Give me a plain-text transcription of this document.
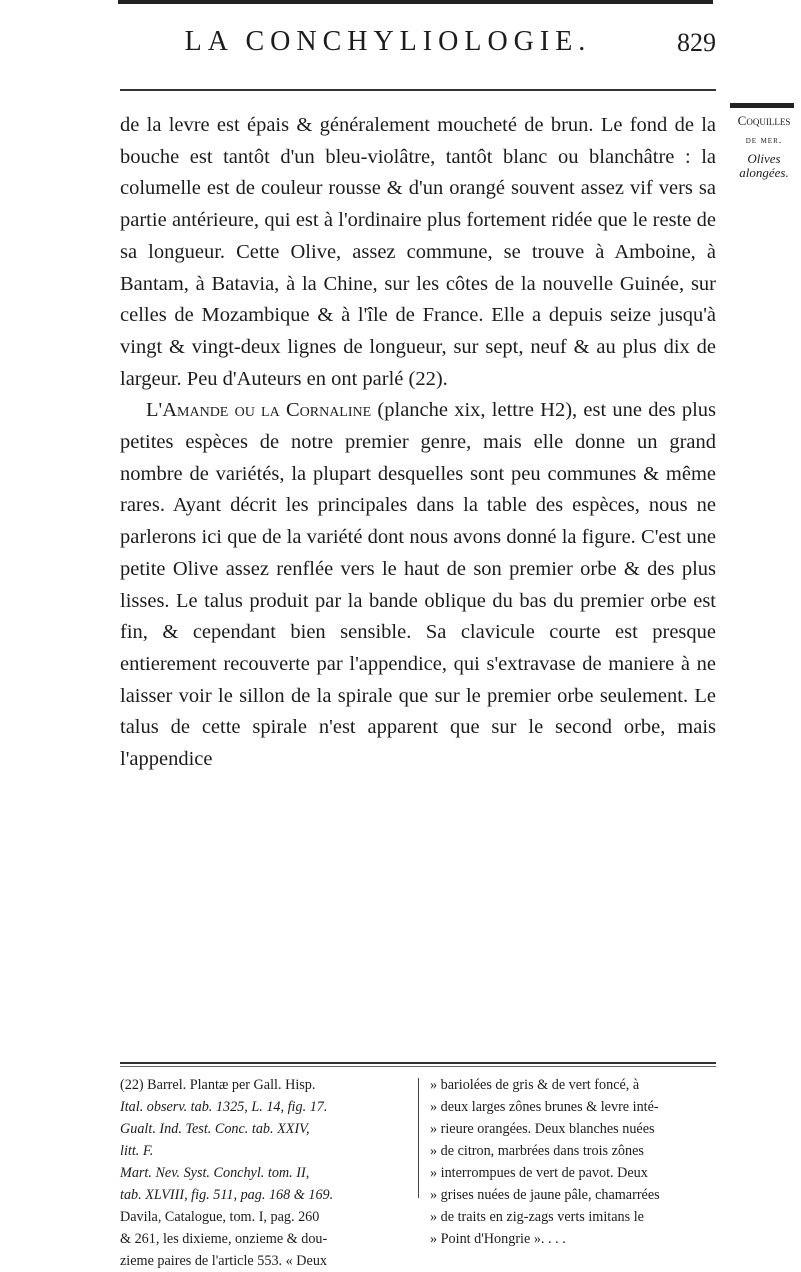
LA CONCHYLIOLOGIE.	829
Coquilles
de mer.
Olives
alongées.

de la levre est épais & généralement moucheté de brun. Le fond de la bouche est tantôt d'un bleu-violâtre, tantôt blanc ou blanchâtre : la columelle est de couleur rousse & d'un orangé souvent assez vif vers sa partie antérieure, qui est à l'ordinaire plus fortement ridée que le reste de sa longueur. Cette Olive, assez commune, se trouve à Amboine, à Bantam, à Batavia, à la Chine, sur les côtes de la nouvelle Guinée, sur celles de Mozambique & à l'île de France. Elle a depuis seize jusqu'à vingt & vingt-deux lignes de longueur, sur sept, neuf & au plus dix de largeur. Peu d'Auteurs en ont parlé (22).

L'Amande ou la Cornaline (planche xix, lettre H2), est une des plus petites espèces de notre premier genre, mais elle donne un grand nombre de variétés, la plupart desquelles sont peu communes & même rares. Ayant décrit les principales dans la table des espèces, nous ne parlerons ici que de la variété dont nous avons donné la figure. C'est une petite Olive assez renflée vers le haut de son premier orbe & des plus lisses. Le talus produit par la bande oblique du bas du premier orbe est fin, & cependant bien sensible. Sa clavicule courte est presque entierement recouverte par l'appendice, qui s'extravase de maniere à ne laisser voir le sillon de la spirale que sur le premier orbe seulement. Le talus de cette spirale n'est apparent que sur le second orbe, mais l'appendice

(22) Barrel. Plantæ per Gall. Hisp.
Ital. observ. tab. 1325, L. 14, fig. 17.
Gualt. Ind. Test. Conc. tab. XXIV,
litt. F.
Mart. Nev. Syst. Conchyl. tom. II,
tab. XLVIII, fig. 511, pag. 168 & 169.
Davila, Catalogue, tom. I, pag. 260
& 261, les dixieme, onzieme & dou-
zieme paires de l'article 553. « Deux
» bariolées de gris & de vert foncé, à
» deux larges zônes brunes & levre inté-
» rieure orangées. Deux blanches nuées
» de citron, marbrées dans trois zônes
» interrompues de vert de pavot. Deux
» grises nuées de jaune pâle, chamarrées
» de traits en zig-zags verts imitans le
» Point d'Hongrie ». . . .
